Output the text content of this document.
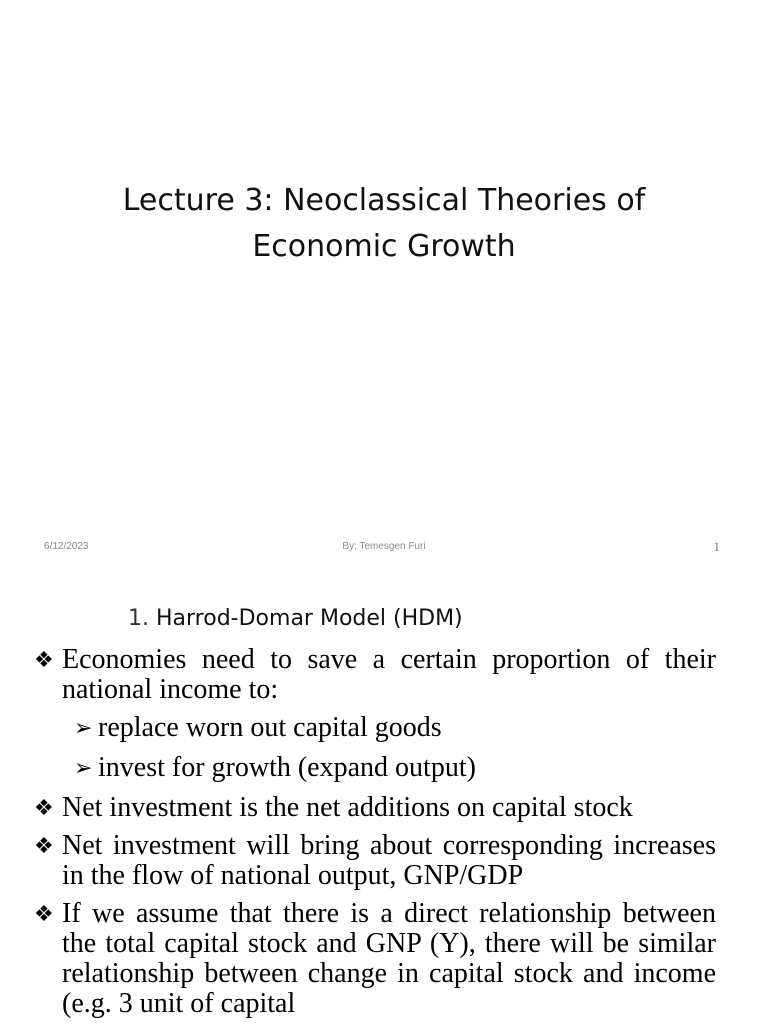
Lecture 3: Neoclassical Theories of
Economic Growth
6/12/2023	By: Temesgen Furi	1
1. Harrod-Domar Model (HDM)

❖ Economies need to save a certain proportion of their national income to:

➢ replace worn out capital goods

➢ invest for growth (expand output)

❖ Net investment is the net additions on capital stock

❖ Net investment will bring about corresponding increases in the flow of national output, GNP/GDP

❖ If we assume that there is a direct relationship between the total capital stock and GNP (Y), there will be similar relationship between change in capital stock and income (e.g. 3 unit of capital
